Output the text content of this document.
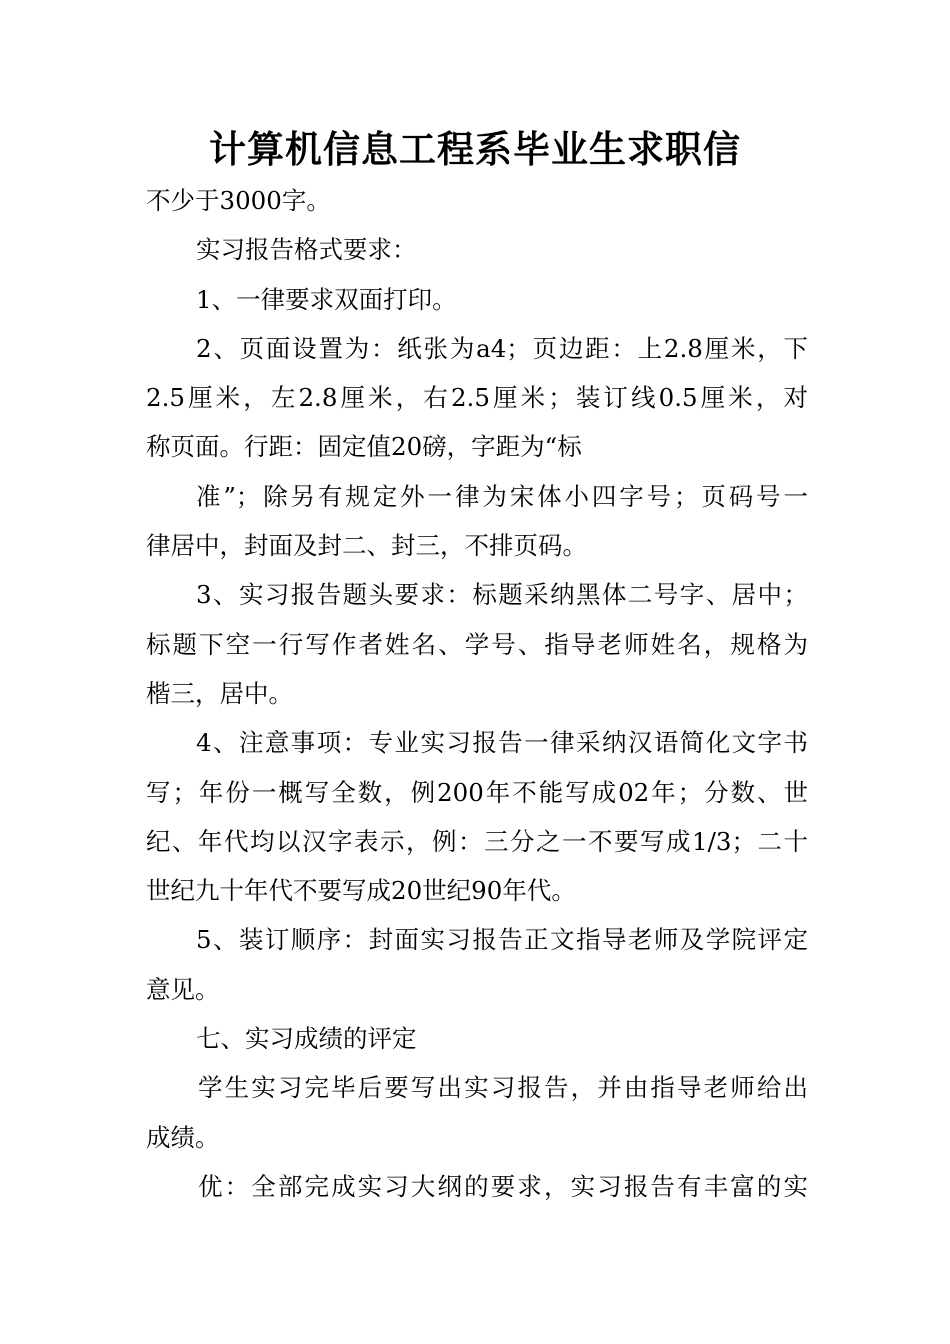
计算机信息工程系毕业生求职信
不少于3000字。
实习报告格式要求：
1、一律要求双面打印。
2、页面设置为：纸张为a4；页边距：上2.8厘米，下
2.5厘米，左2.8厘米，右2.5厘米；装订线0.5厘米，对
称页面。行距：固定值20磅，字距为“标
准”；除另有规定外一律为宋体小四字号；页码号一
律居中，封面及封二、封三，不排页码。
3、实习报告题头要求：标题采纳黑体二号字、居中；
标题下空一行写作者姓名、学号、指导老师姓名，规格为
楷三，居中。
4、注意事项：专业实习报告一律采纳汉语简化文字书
写；年份一概写全数，例200年不能写成02年；分数、世
纪、年代均以汉字表示，例：三分之一不要写成1/3；二十
世纪九十年代不要写成20世纪90年代。
5、装订顺序：封面实习报告正文指导老师及学院评定
意见。
七、实习成绩的评定
学生实习完毕后要写出实习报告，并由指导老师给出
成绩。
优：全部完成实习大纲的要求，实习报告有丰富的实
